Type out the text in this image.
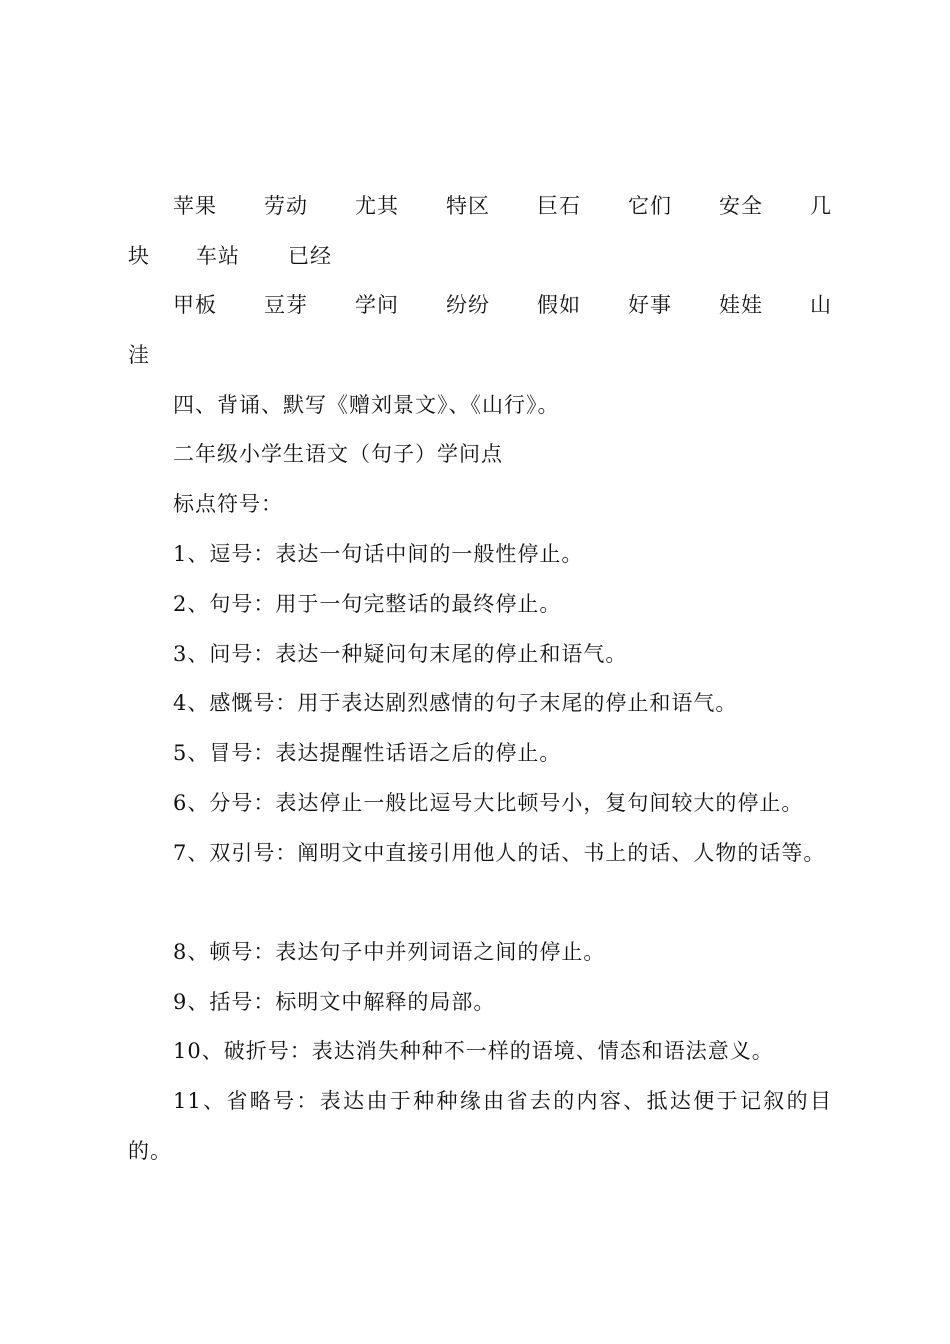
苹果 劳动 尤其 特区 巨石 它们 安全 几
块 车站 已经
甲板 豆芽 学问 纷纷 假如 好事 娃娃 山
洼
四、背诵、默写《赠刘景文》、《山行》。
二年级小学生语文（句子）学问点
标点符号：
1、逗号：表达一句话中间的一般性停止。
2、句号：用于一句完整话的最终停止。
3、问号：表达一种疑问句末尾的停止和语气。
4、感慨号：用于表达剧烈感情的句子末尾的停止和语气。
5、冒号：表达提醒性话语之后的停止。
6、分号：表达停止一般比逗号大比顿号小，复句间较大的停止。
7、双引号：阐明文中直接引用他人的话、书上的话、人物的话等。
8、顿号：表达句子中并列词语之间的停止。
9、括号：标明文中解释的局部。
10、破折号：表达消失种种不一样的语境、情态和语法意义。
11、省略号：表达由于种种缘由省去的内容、抵达便于记叙的目
的。
